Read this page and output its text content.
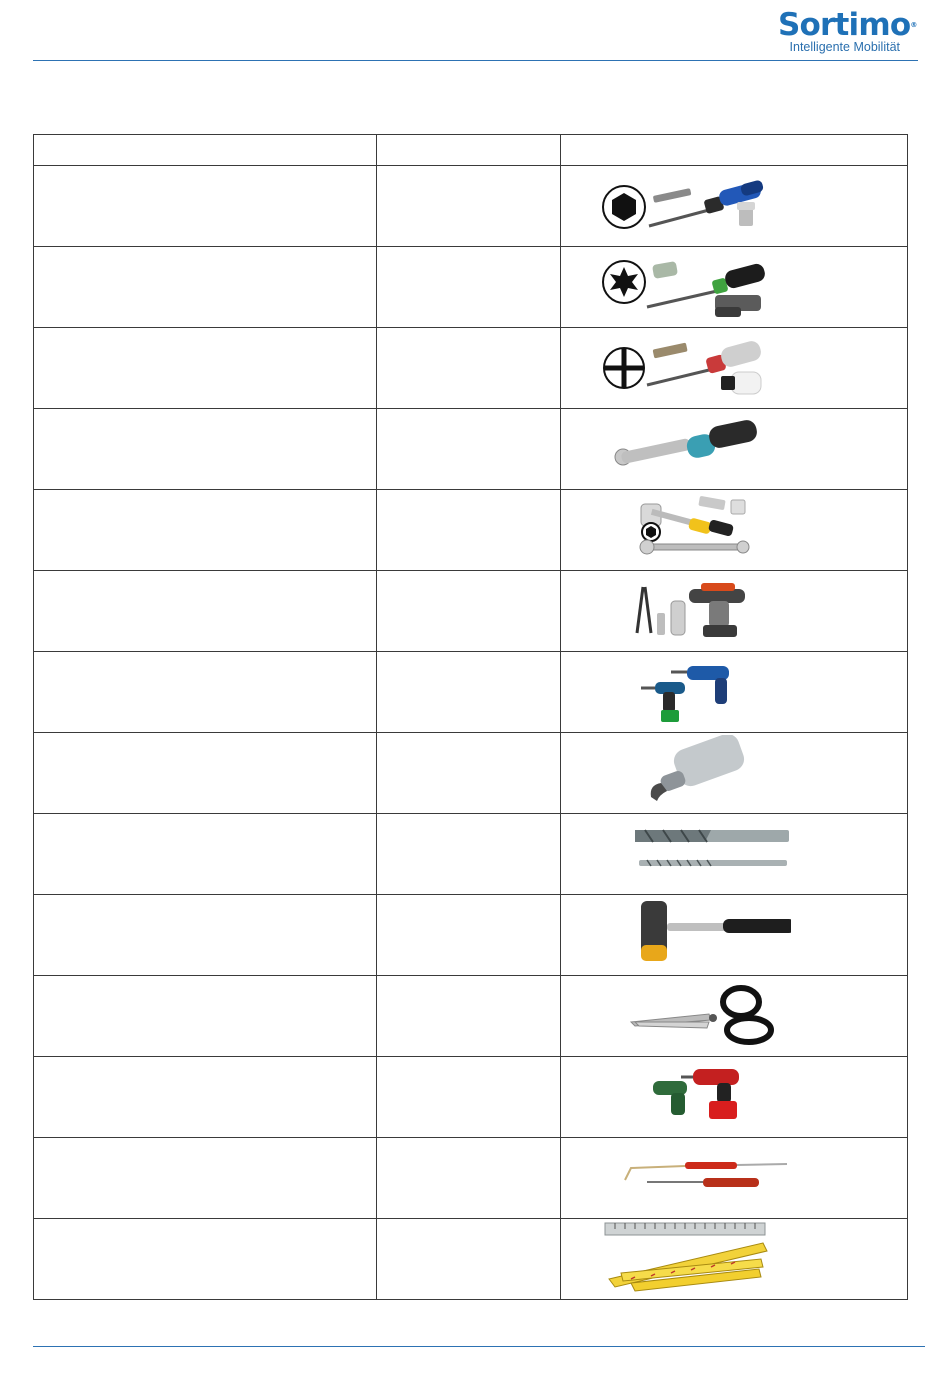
Sortimo®
Intelligente Mobilität
